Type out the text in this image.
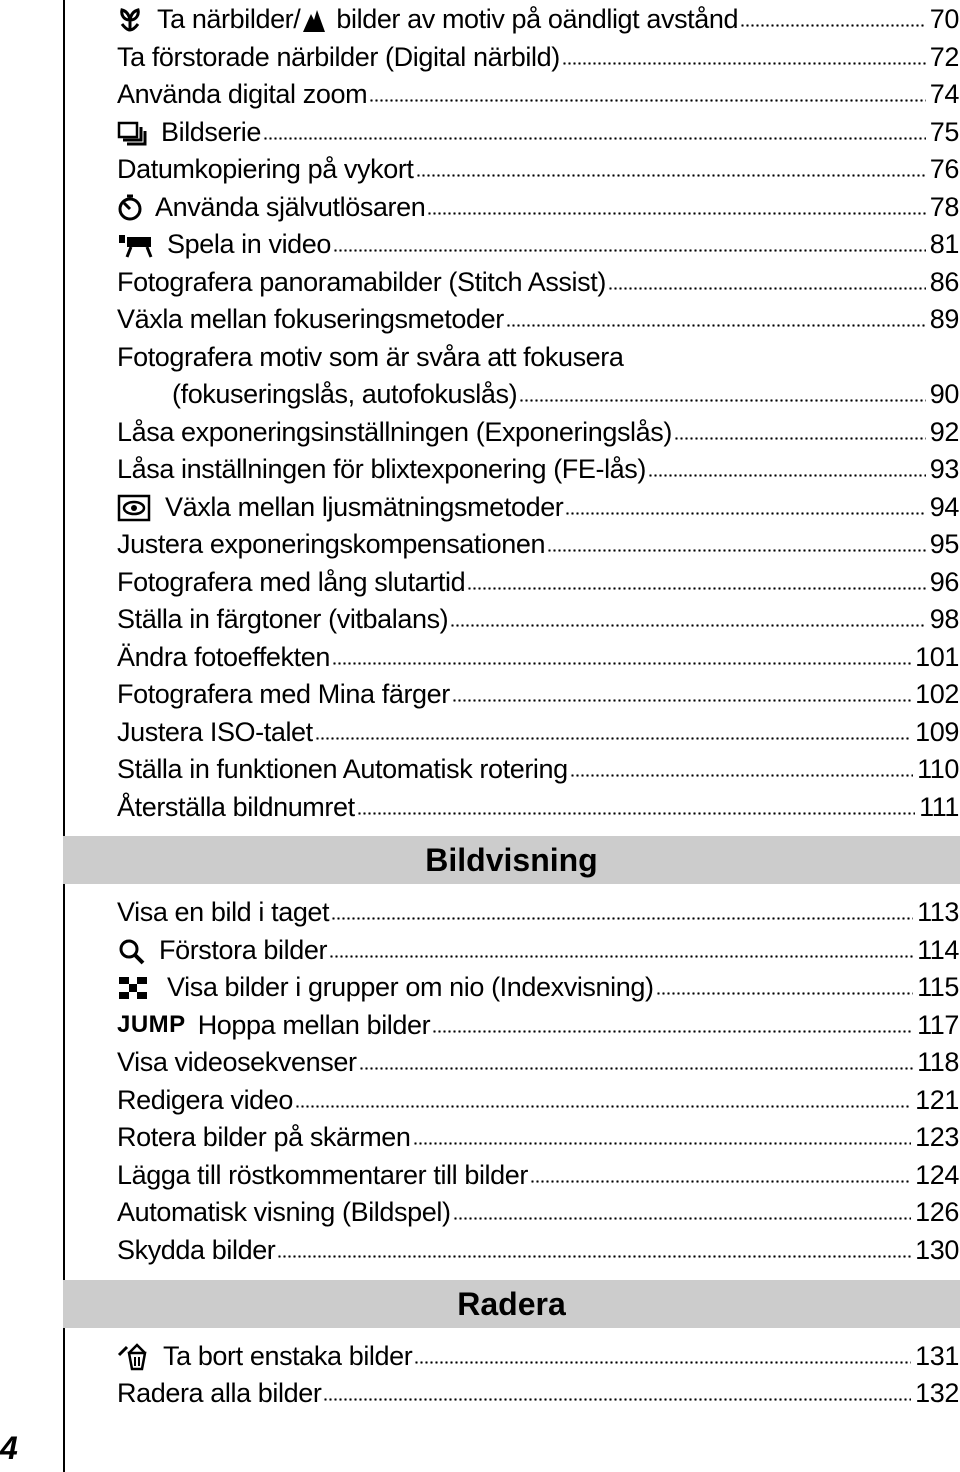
4
Ta närbilder/ bilder av motiv på oändligt avstånd	70
Ta förstorade närbilder (Digital närbild)	72
Använda digital zoom	74
Bildserie	75
Datumkopiering på vykort	76
Använda självutlösaren	78
Spela in video	81
Fotografera panoramabilder (Stitch Assist)	86
Växla mellan fokuseringsmetoder	89
Fotografera motiv som är svåra att fokusera
(fokuseringslås, autofokuslås)	90
Låsa exponeringsinställningen (Exponeringslås)	92
Låsa inställningen för blixtexponering (FE-lås)	93
Växla mellan ljusmätningsmetoder	94
Justera exponeringskompensationen	95
Fotografera med lång slutartid	96
Ställa in färgtoner (vitbalans)	98
Ändra fotoeffekten	101
Fotografera med Mina färger	102
Justera ISO-talet	109
Ställa in funktionen Automatisk rotering	110
Återställa bildnumret	111
Bildvisning
Visa en bild i taget	113
Förstora bilder	114
Visa bilder i grupper om nio (Indexvisning)	115
JUMP Hoppa mellan bilder	117
Visa videosekvenser	118
Redigera video	121
Rotera bilder på skärmen	123
Lägga till röstkommentarer till bilder	124
Automatisk visning (Bildspel)	126
Skydda bilder	130
Radera
Ta bort enstaka bilder	131
Radera alla bilder	132
